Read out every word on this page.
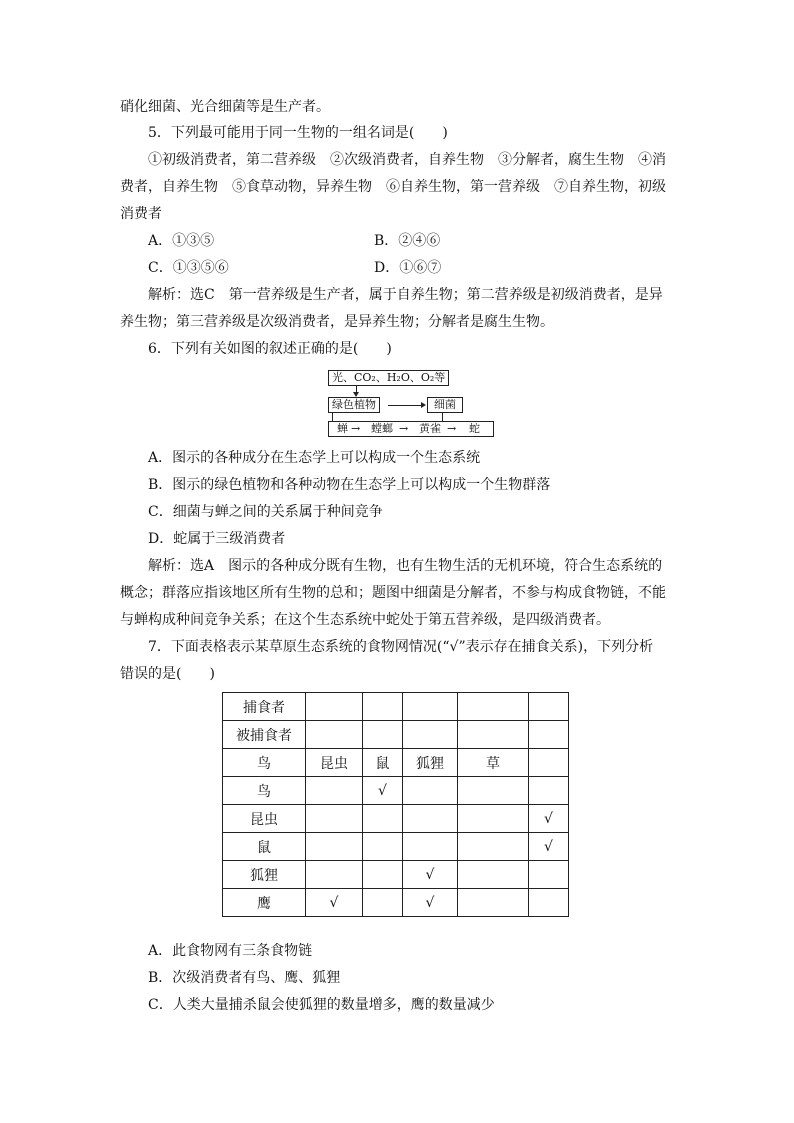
硝化细菌、光合细菌等是生产者。
5．下列最可能用于同一生物的一组名词是(　　)
①初级消费者，第二营养级　②次级消费者，自养生物　③分解者，腐生生物　④消
费者，自养生物　⑤食草动物，异养生物　⑥自养生物，第一营养级　⑦自养生物，初级
消费者
A．①③⑤	B．②④⑥
C．①③⑤⑥	D．①⑥⑦
解析：选C　第一营养级是生产者，属于自养生物；第二营养级是初级消费者，是异
养生物；第三营养级是次级消费者，是异养生物；分解者是腐生生物。
6．下列有关如图的叙述正确的是(　　)
光、CO₂、H₂O、O₂等
绿色植物	细菌
蝉 → 螳螂 → 黄雀 → 蛇
A．图示的各种成分在生态学上可以构成一个生态系统
B．图示的绿色植物和各种动物在生态学上可以构成一个生物群落
C．细菌与蝉之间的关系属于种间竞争
D．蛇属于三级消费者
解析：选A　图示的各种成分既有生物，也有生物生活的无机环境，符合生态系统的
概念；群落应指该地区所有生物的总和；题图中细菌是分解者，不参与构成食物链，不能
与蝉构成种间竞争关系；在这个生态系统中蛇处于第五营养级，是四级消费者。
7．下面表格表示某草原生态系统的食物网情况(“√”表示存在捕食关系)，下列分析
错误的是(　　)
捕食者					
被捕食者					
鸟	昆虫	鼠	狐狸	草	
鸟		√			
昆虫					√
鼠					√
狐狸			√		
鹰	√		√		
A．此食物网有三条食物链
B．次级消费者有鸟、鹰、狐狸
C．人类大量捕杀鼠会使狐狸的数量增多，鹰的数量减少
